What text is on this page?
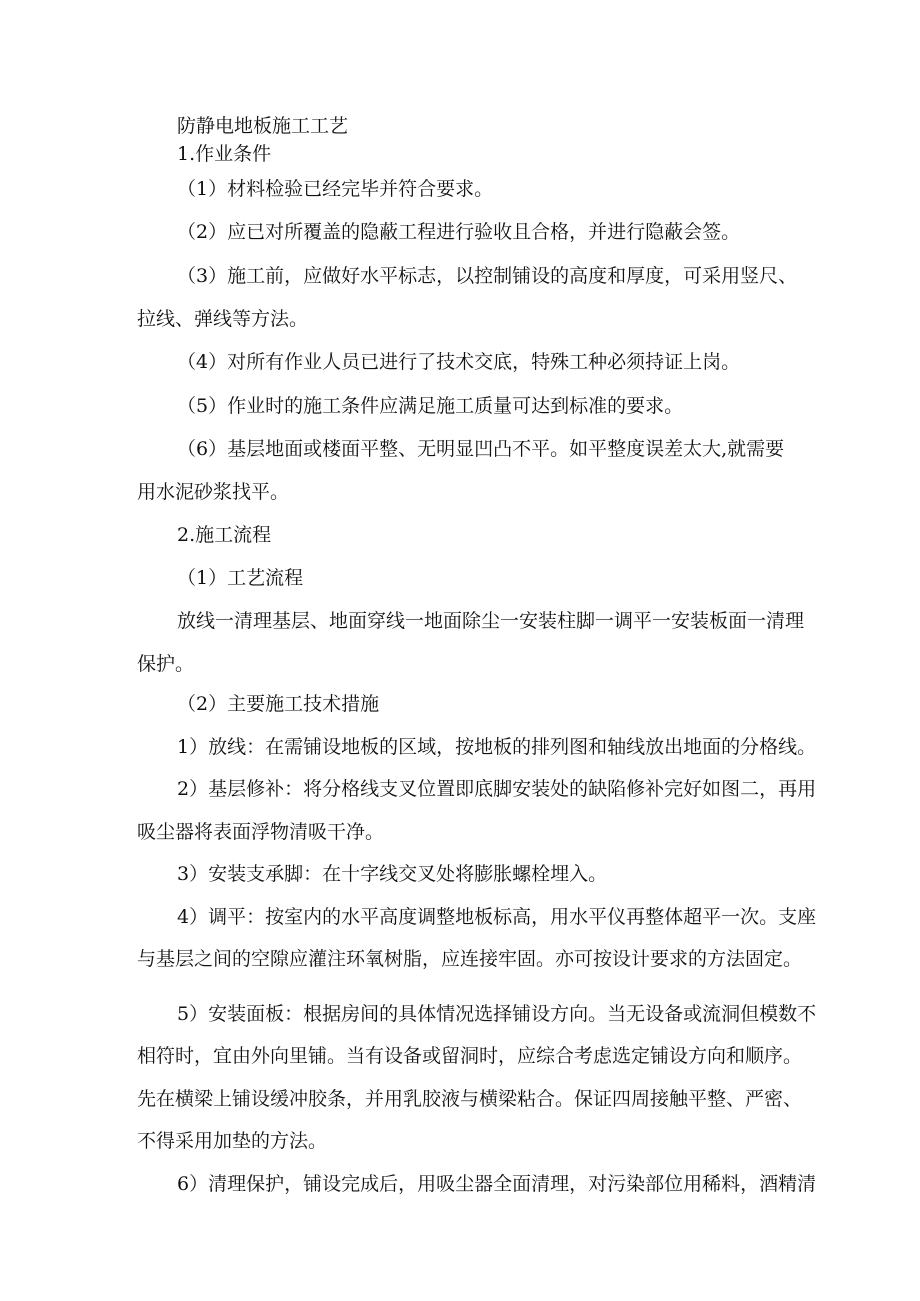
防静电地板施工工艺

1.作业条件

（1）材料检验已经完毕并符合要求。

（2）应已对所覆盖的隐蔽工程进行验收且合格，并进行隐蔽会签。

（3）施工前，应做好水平标志，以控制铺设的高度和厚度，可采用竖尺、

拉线、弹线等方法。

（4）对所有作业人员已进行了技术交底，特殊工种必须持证上岗。

（5）作业时的施工条件应满足施工质量可达到标准的要求。

（6）基层地面或楼面平整、无明显凹凸不平。如平整度误差太大,就需要

用水泥砂浆找平。

2.施工流程

（1）工艺流程

放线一清理基层、地面穿线一地面除尘一安装柱脚一调平一安装板面一清理

保护。

（2）主要施工技术措施

1）放线：在需铺设地板的区域，按地板的排列图和轴线放出地面的分格线。

2）基层修补：将分格线支叉位置即底脚安装处的缺陷修补完好如图二，再用

吸尘器将表面浮物清吸干净。

3）安装支承脚：在十字线交叉处将膨胀螺栓埋入。

4）调平：按室内的水平高度调整地板标高，用水平仪再整体超平一次。支座

与基层之间的空隙应灌注环氧树脂，应连接牢固。亦可按设计要求的方法固定。

5）安装面板：根据房间的具体情况选择铺设方向。当无设备或流洞但模数不

相符时，宜由外向里铺。当有设备或留洞时，应综合考虑选定铺设方向和顺序。

先在横梁上铺设缓冲胶条，并用乳胶液与横梁粘合。保证四周接触平整、严密、

不得采用加垫的方法。

6）清理保护，铺设完成后，用吸尘器全面清理，对污染部位用稀料，酒精清
